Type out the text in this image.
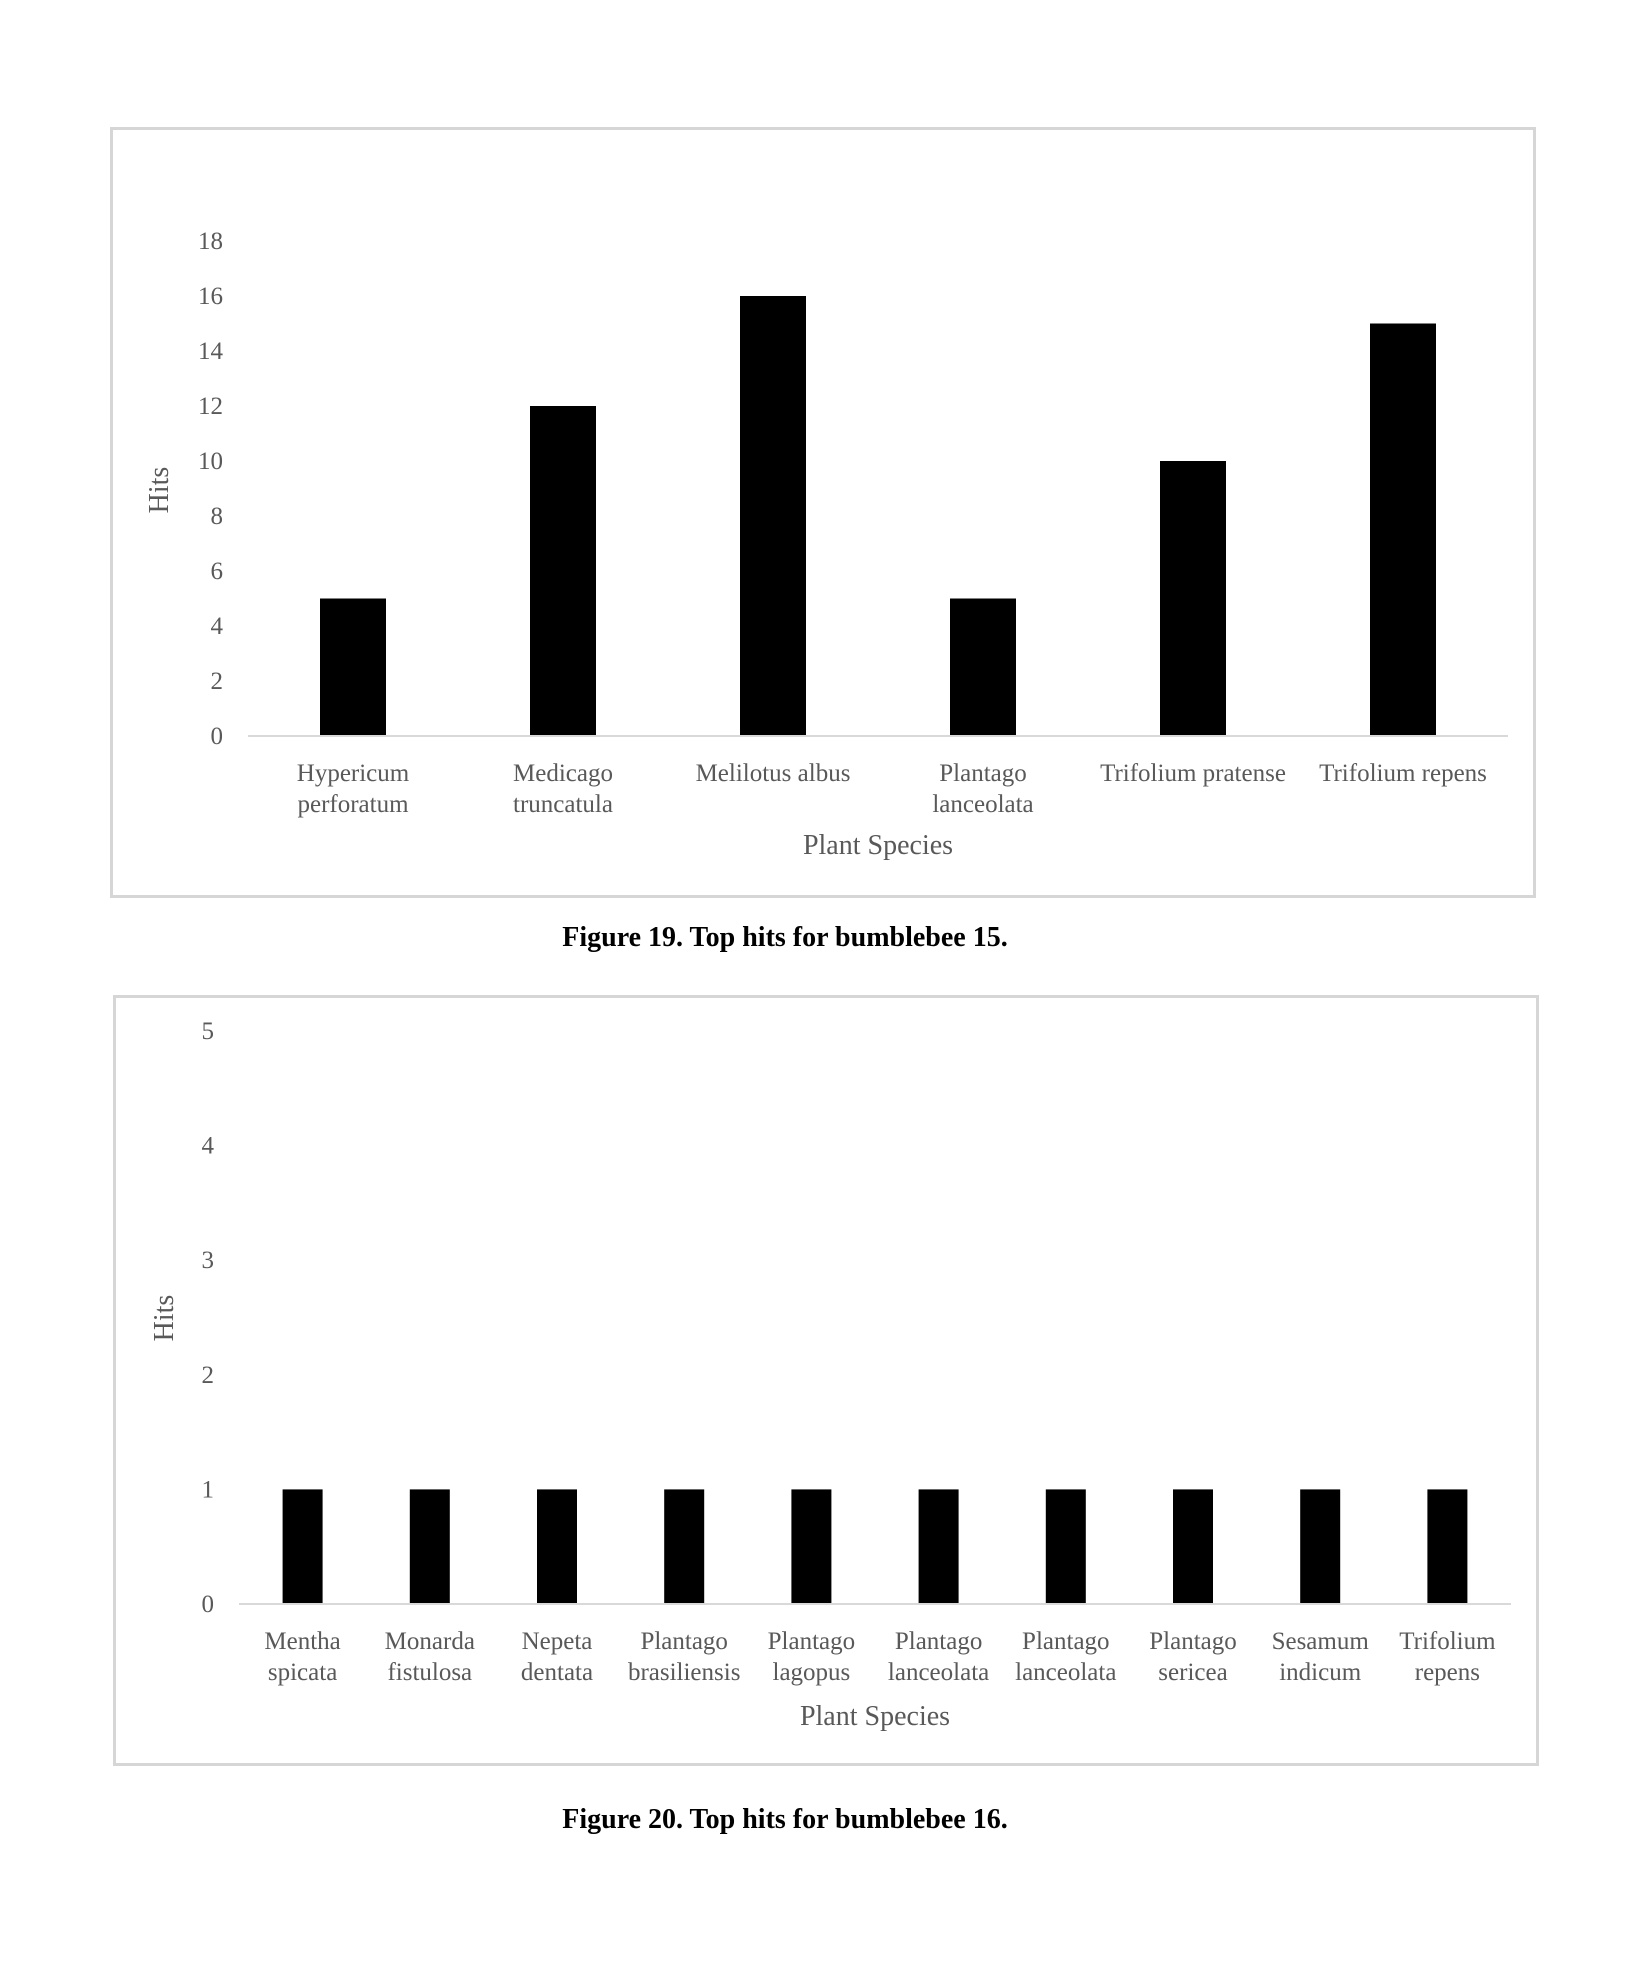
0
2
4
6
8
10
12
14
16
18
Hypericum perforatum
Medicago truncatula
Melilotus albus	Plantago lanceolata
Trifolium pratense Trifolium repens
Plant Species
Hits
Figure 19. Top hits for bumblebee 15.
0
1
2
3
4
5
Mentha spicata
Monarda fistulosa
Nepeta dentata
Plantago brasiliensis
Plantago lagopus
Plantago lanceolata
Plantago lanceolata
Plantago sericea
Sesamum indicum
Trifolium repens
Plant Species
Hits
Figure 20. Top hits for bumblebee 16.
